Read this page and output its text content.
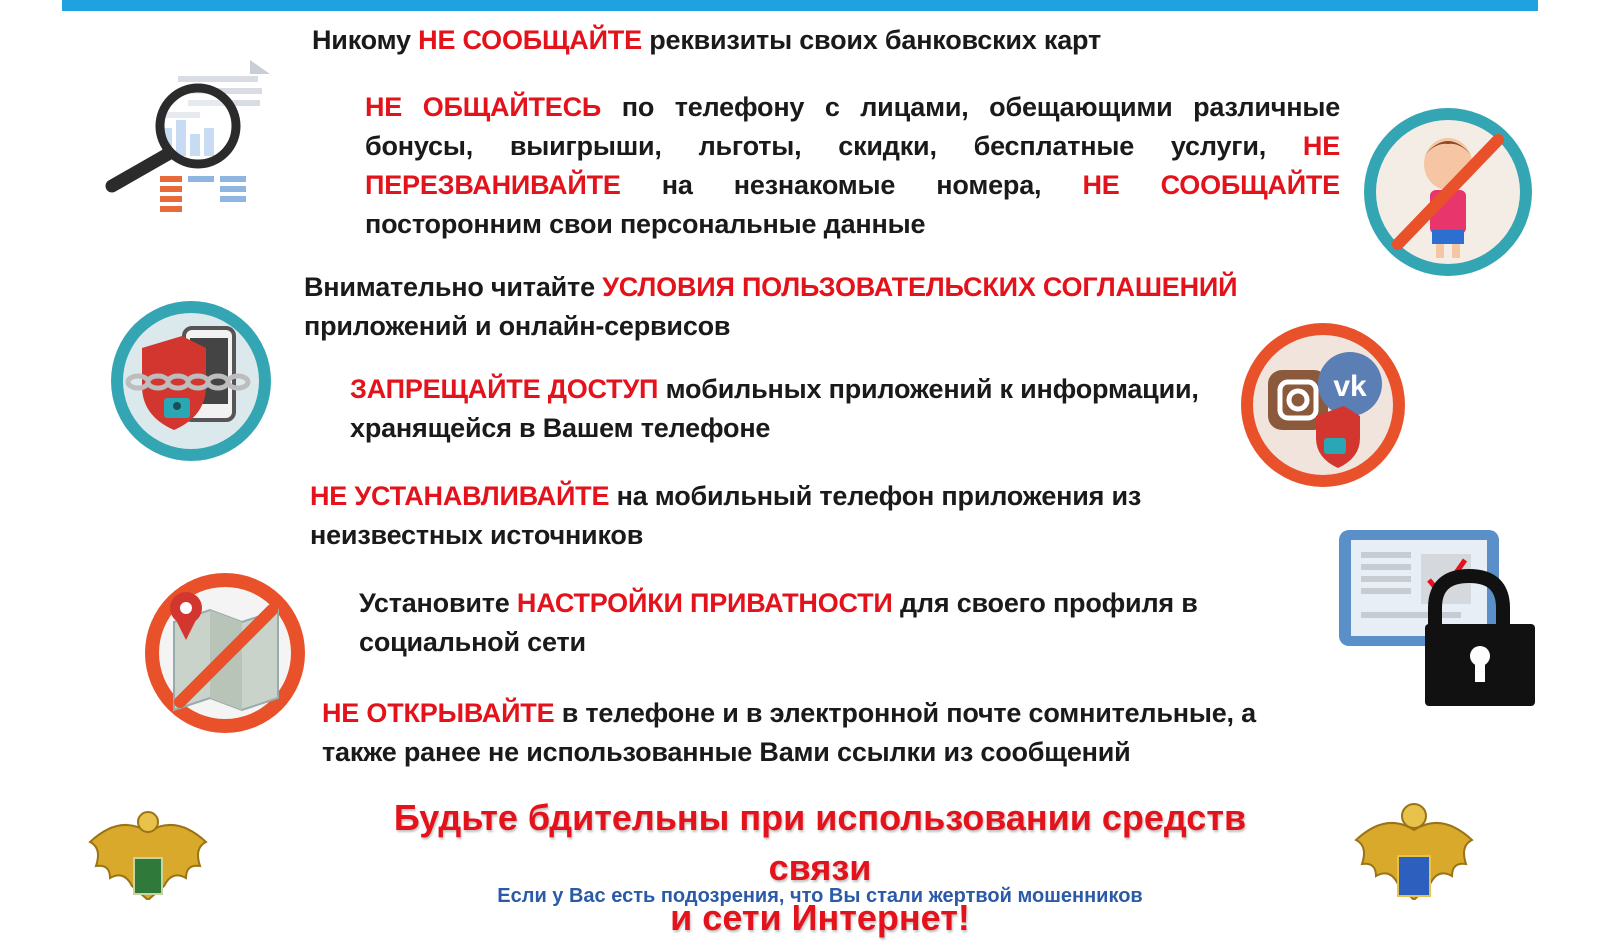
Никому НЕ СООБЩАЙТЕ реквизиты своих банковских карт
НЕ ОБЩАЙТЕСЬ по телефону с лицами, обещающими различные бонусы, выигрыши, льготы, скидки, бесплатные услуги, НЕ ПЕРЕЗВАНИВАЙТЕ на незнакомые номера, НЕ СООБЩАЙТЕ посторонним свои персональные данные
Внимательно читайте УСЛОВИЯ ПОЛЬЗОВАТЕЛЬСКИХ СОГЛАШЕНИЙ приложений и онлайн-сервисов
ЗАПРЕЩАЙТЕ ДОСТУП мобильных приложений к информации, хранящейся в Вашем телефоне
НЕ УСТАНАВЛИВАЙТЕ на мобильный телефон приложения из неизвестных источников
Установите НАСТРОЙКИ ПРИВАТНОСТИ для своего профиля в социальной сети
НЕ ОТКРЫВАЙТЕ в телефоне и в электронной почте сомнительные, а также ранее не использованные Вами ссылки из сообщений
Будьте бдительны при использовании средств связи
и сети Интернет!
Если у Вас есть подозрения, что Вы стали жертвой мошенников
vk
